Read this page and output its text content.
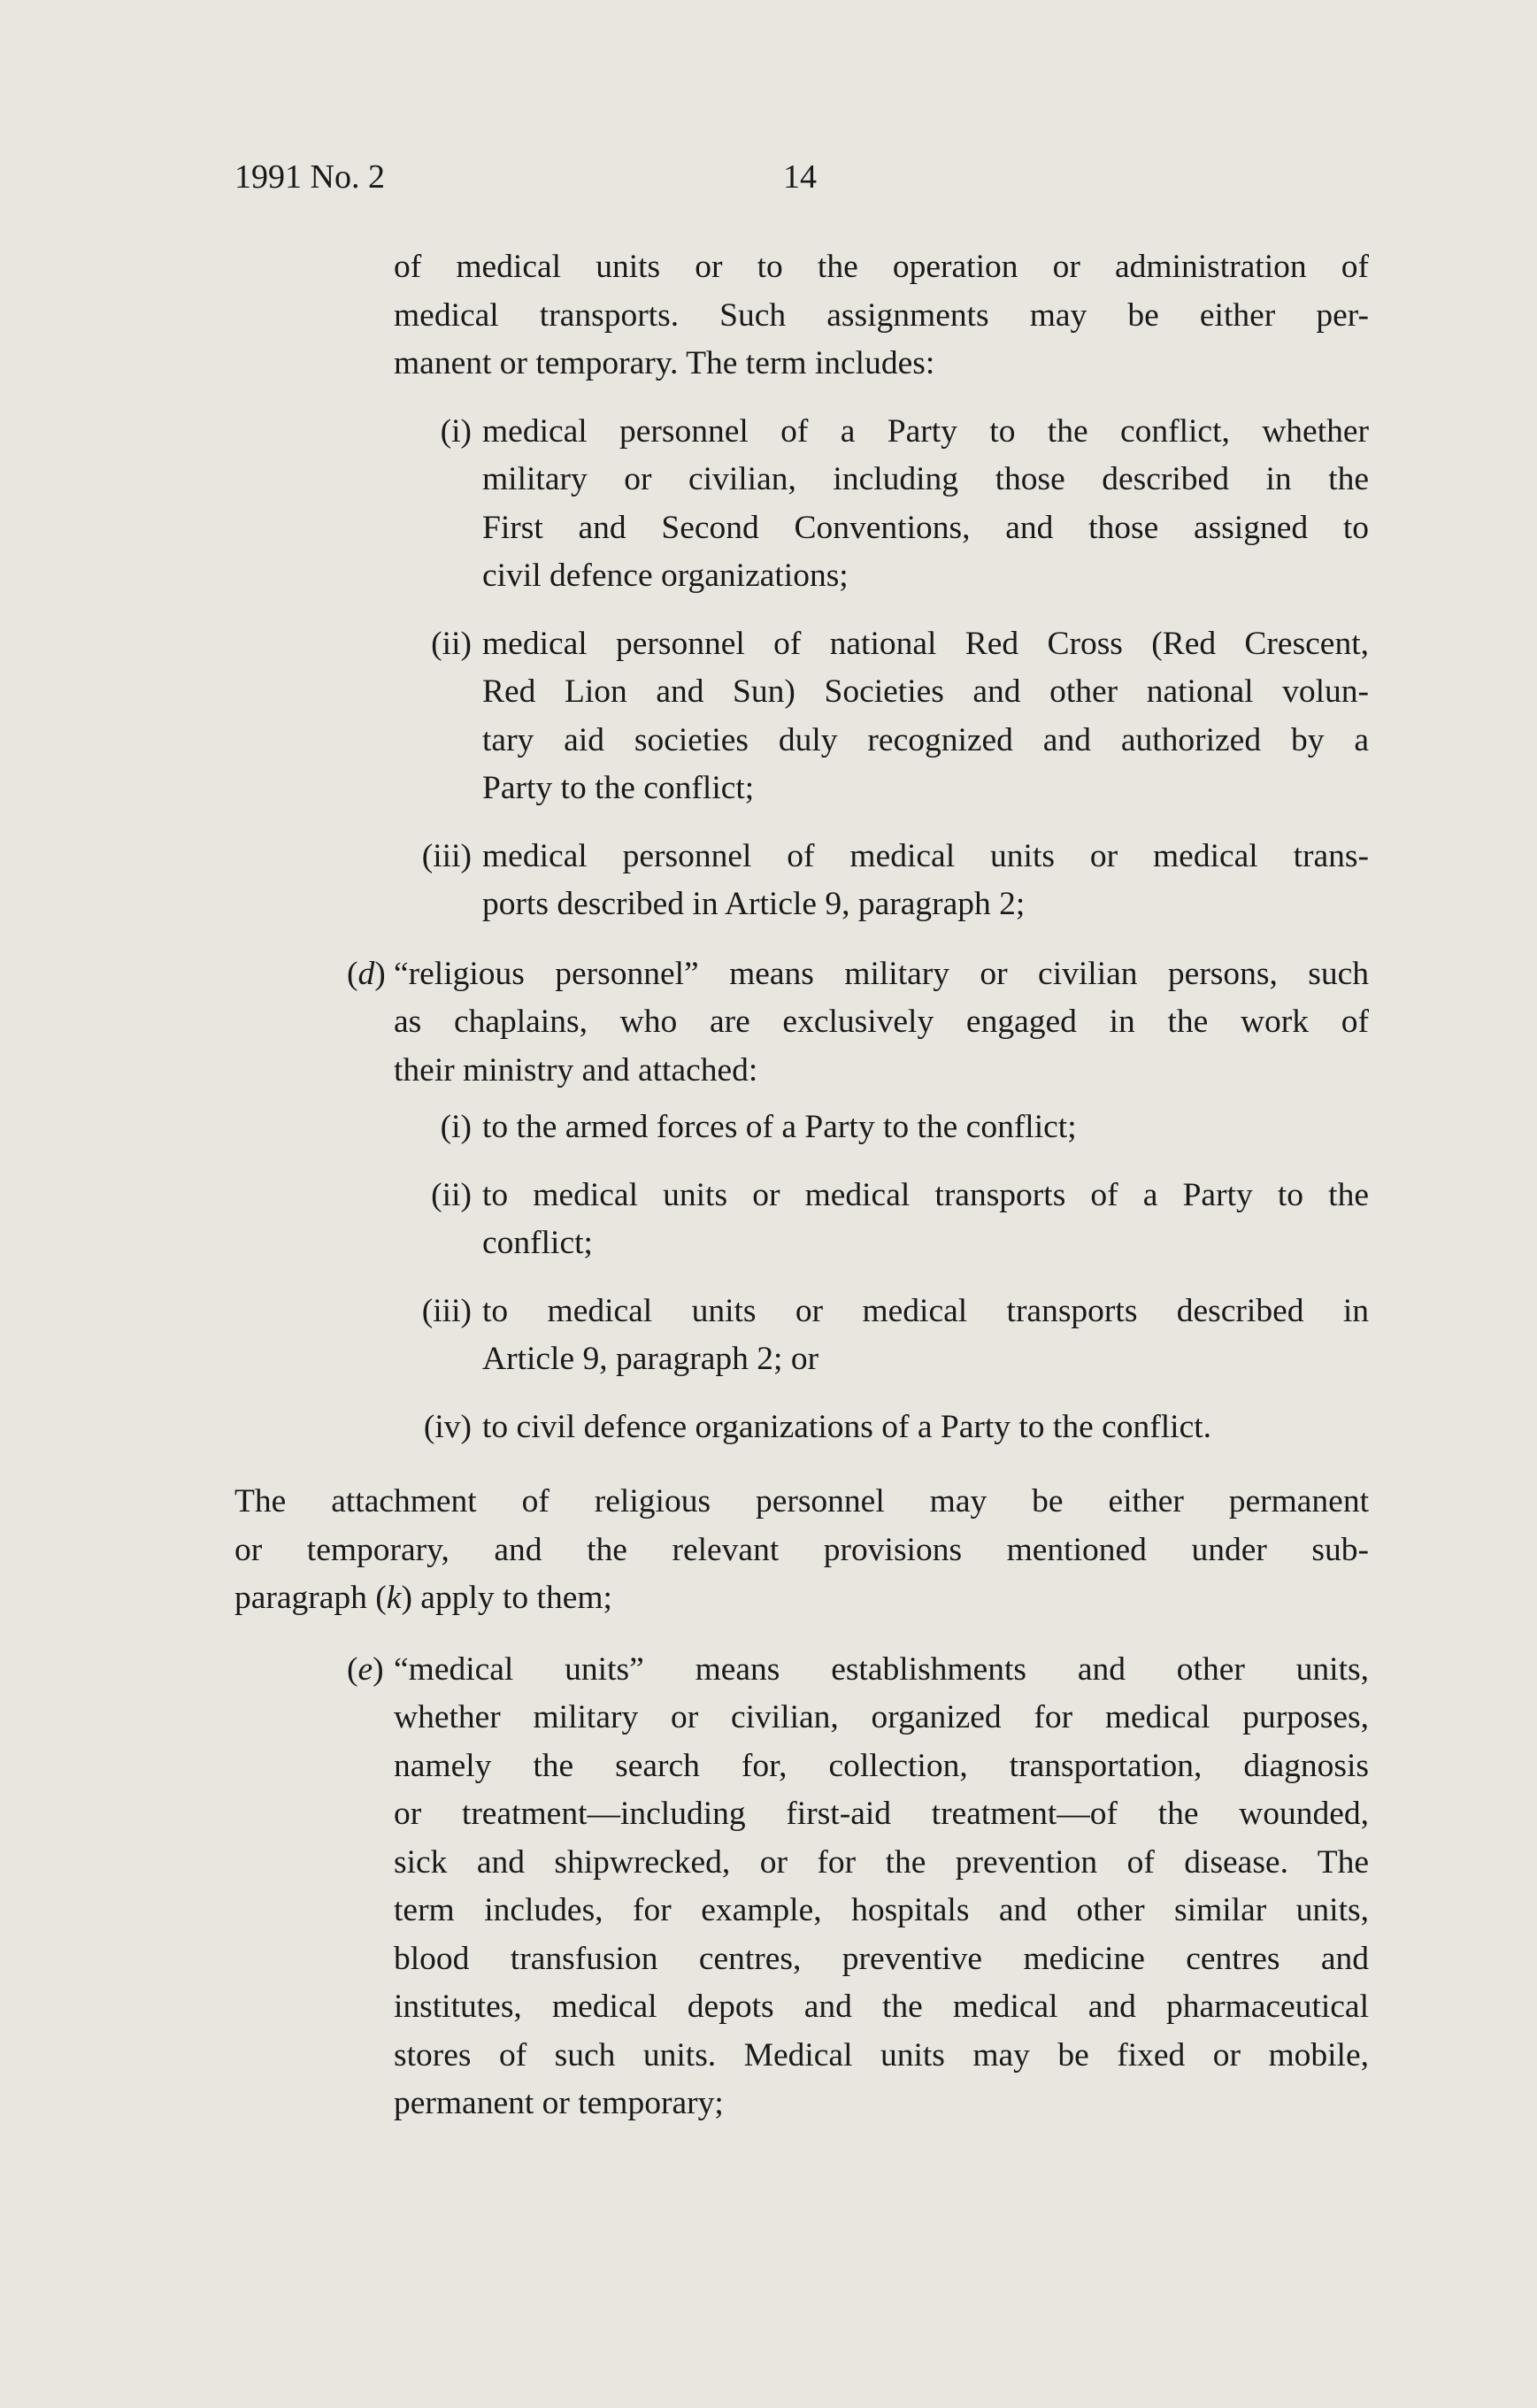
1991 No. 2	14
of medical units or to the operation or administration of
medical transports. Such assignments may be either per-
manent or temporary. The term includes:
(i) medical personnel of a Party to the conflict, whether
military or civilian, including those described in the
First and Second Conventions, and those assigned to
civil defence organizations;
(ii) medical personnel of national Red Cross (Red Crescent,
Red Lion and Sun) Societies and other national volun-
tary aid societies duly recognized and authorized by a
Party to the conflict;
(iii) medical personnel of medical units or medical trans-
ports described in Article 9, paragraph 2;
(d) “religious personnel” means military or civilian persons, such
as chaplains, who are exclusively engaged in the work of
their ministry and attached:
(i) to the armed forces of a Party to the conflict;
(ii) to medical units or medical transports of a Party to the
conflict;
(iii) to medical units or medical transports described in
Article 9, paragraph 2; or
(iv) to civil defence organizations of a Party to the conflict.
The attachment of religious personnel may be either permanent
or temporary, and the relevant provisions mentioned under sub-
paragraph (k) apply to them;
(e) “medical units” means establishments and other units,
whether military or civilian, organized for medical purposes,
namely the search for, collection, transportation, diagnosis
or treatment—including first-aid treatment—of the wounded,
sick and shipwrecked, or for the prevention of disease. The
term includes, for example, hospitals and other similar units,
blood transfusion centres, preventive medicine centres and
institutes, medical depots and the medical and pharmaceutical
stores of such units. Medical units may be fixed or mobile,
permanent or temporary;
